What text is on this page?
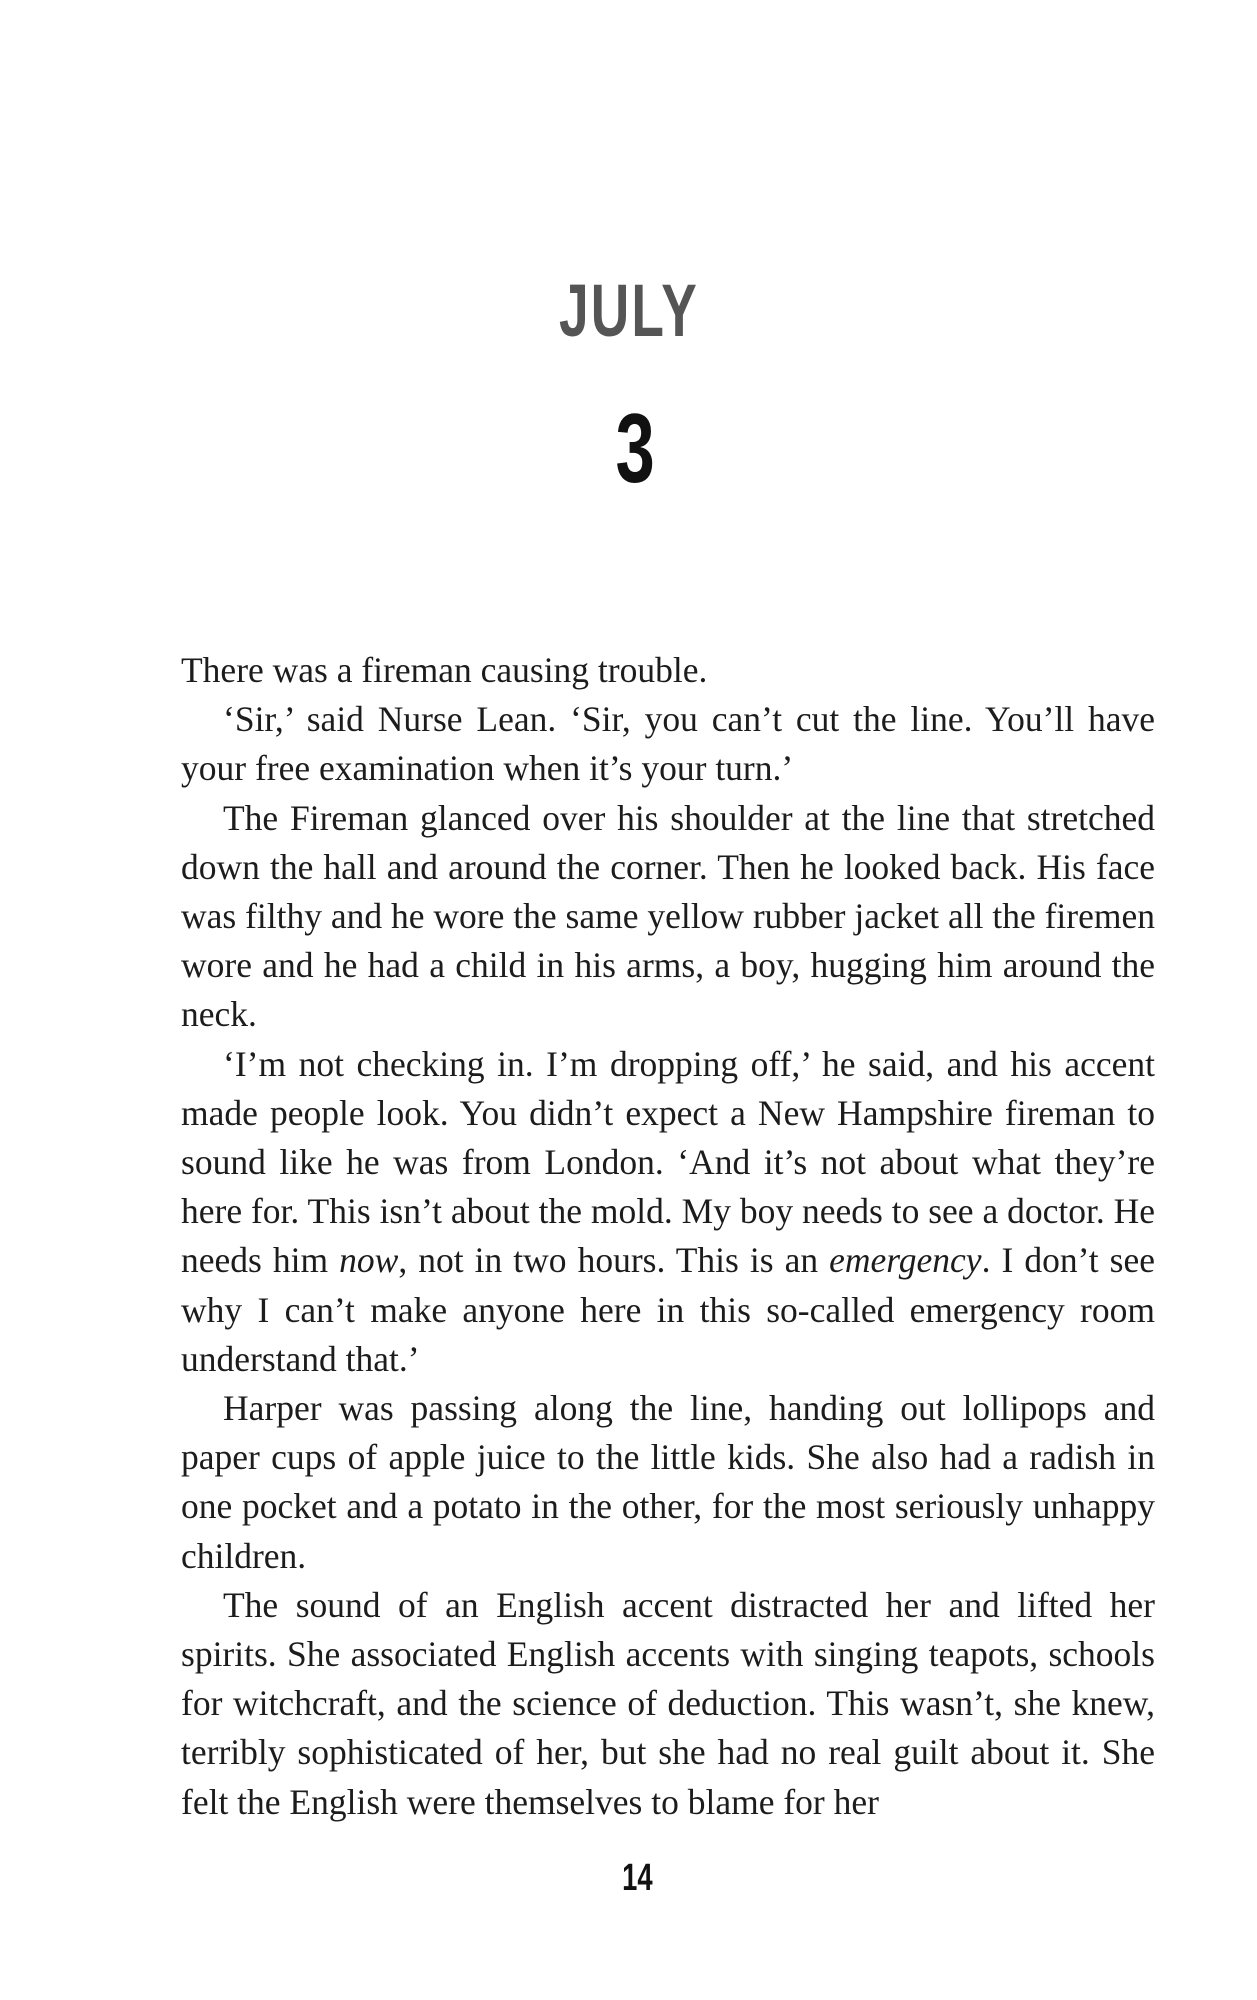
JULY
3

There was a fireman causing trouble.

‘Sir,’ said Nurse Lean. ‘Sir, you can’t cut the line. You’ll have your free examination when it’s your turn.’

The Fireman glanced over his shoulder at the line that stretched down the hall and around the corner. Then he looked back. His face was filthy and he wore the same yellow rubber jacket all the firemen wore and he had a child in his arms, a boy, hugging him around the neck.

‘I’m not checking in. I’m dropping off,’ he said, and his accent made people look. You didn’t expect a New Hampshire fireman to sound like he was from London. ‘And it’s not about what they’re here for. This isn’t about the mold. My boy needs to see a doctor. He needs him now, not in two hours. This is an emergency. I don’t see why I can’t make anyone here in this so-called emergency room understand that.’

Harper was passing along the line, handing out lollipops and paper cups of apple juice to the little kids. She also had a radish in one pocket and a potato in the other, for the most seriously unhappy children.

The sound of an English accent distracted her and lifted her spirits. She associated English accents with singing teapots, schools for witchcraft, and the science of deduction. This wasn’t, she knew, terribly sophisticated of her, but she had no real guilt about it. She felt the English were themselves to blame for her

14
